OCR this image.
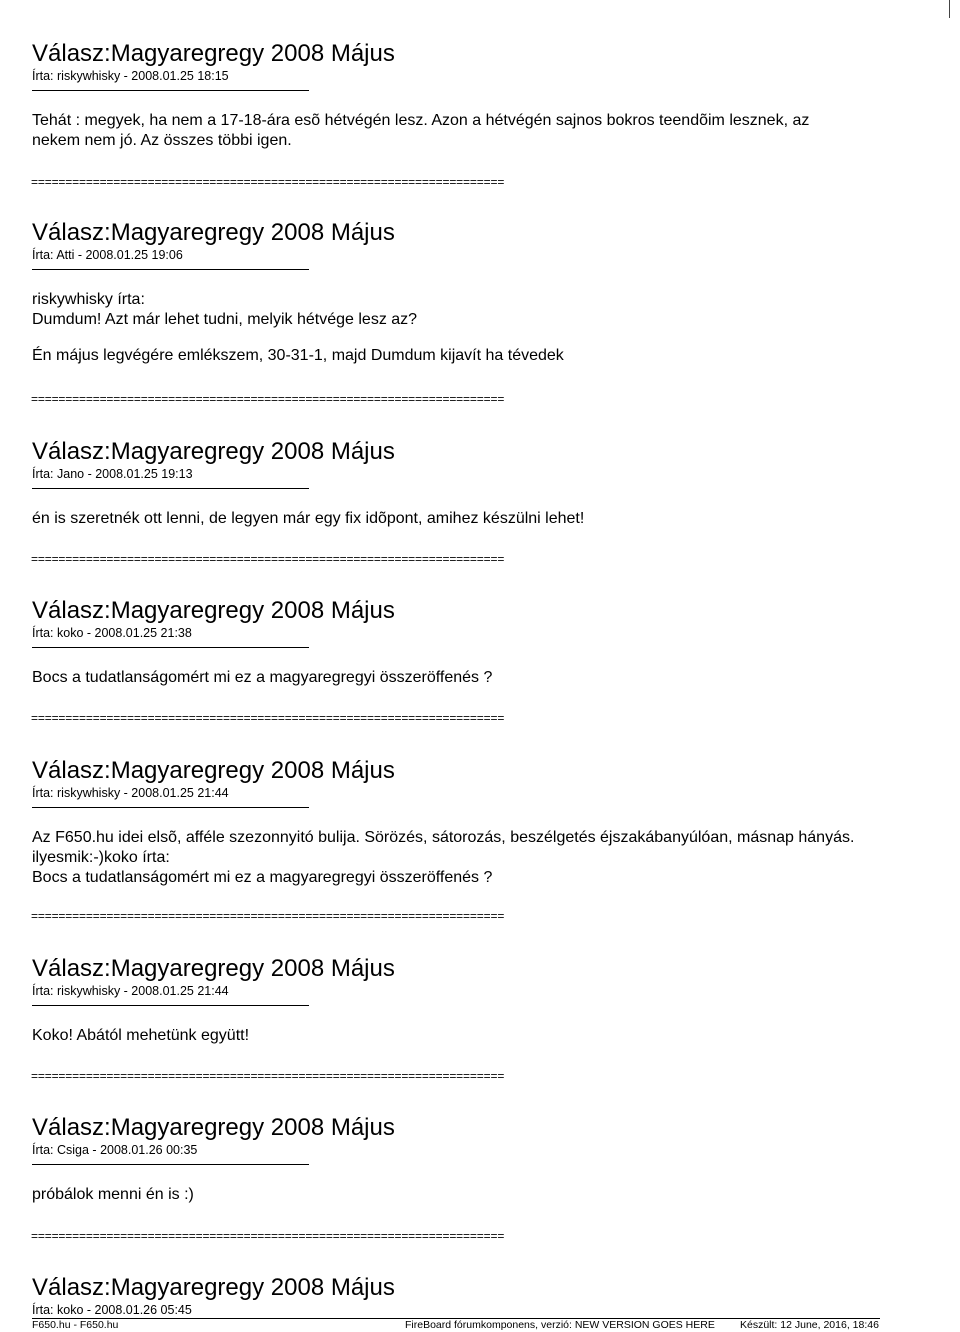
Válasz:Magyaregregy 2008 Május
Írta: riskywhisky - 2008.01.25 18:15

Tehát : megyek, ha nem a 17-18-ára esõ hétvégén lesz. Azon a hétvégén sajnos bokros teendõim lesznek, az nekem nem jó. Az összes többi igen.

=====================================================================
Válasz:Magyaregregy 2008 Május
Írta: Atti - 2008.01.25 19:06

riskywhisky írta:

Dumdum! Azt már lehet tudni, melyik hétvége lesz az?

Én május legvégére emlékszem, 30-31-1, majd Dumdum kijavít ha tévedek

=====================================================================
Válasz:Magyaregregy 2008 Május
Írta: Jano - 2008.01.25 19:13

én is szeretnék ott lenni, de legyen már egy fix idõpont, amihez készülni lehet!

=====================================================================
Válasz:Magyaregregy 2008 Május
Írta: koko - 2008.01.25 21:38

Bocs a tudatlanságomért mi ez a magyaregregyi összeröffenés ?

=====================================================================
Válasz:Magyaregregy 2008 Május
Írta: riskywhisky - 2008.01.25 21:44

Az F650.hu idei elsõ, afféle szezonnyitó bulija. Sörözés, sátorozás, beszélgetés éjszakábanyúlóan, másnap hányás.

ilyesmik:-)koko írta:

Bocs a tudatlanságomért mi ez a magyaregregyi összeröffenés ?

=====================================================================
Válasz:Magyaregregy 2008 Május
Írta: riskywhisky - 2008.01.25 21:44

Koko! Abától mehetünk együtt!

=====================================================================
Válasz:Magyaregregy 2008 Május
Írta: Csiga - 2008.01.26 00:35

próbálok menni én is :)

=====================================================================
Válasz:Magyaregregy 2008 Május
Írta: koko - 2008.01.26 05:45
F650.hu - F650.hu	FireBoard fórumkomponens, verzió: NEW VERSION GOES HERE Készült: 12 June, 2016, 18:46
